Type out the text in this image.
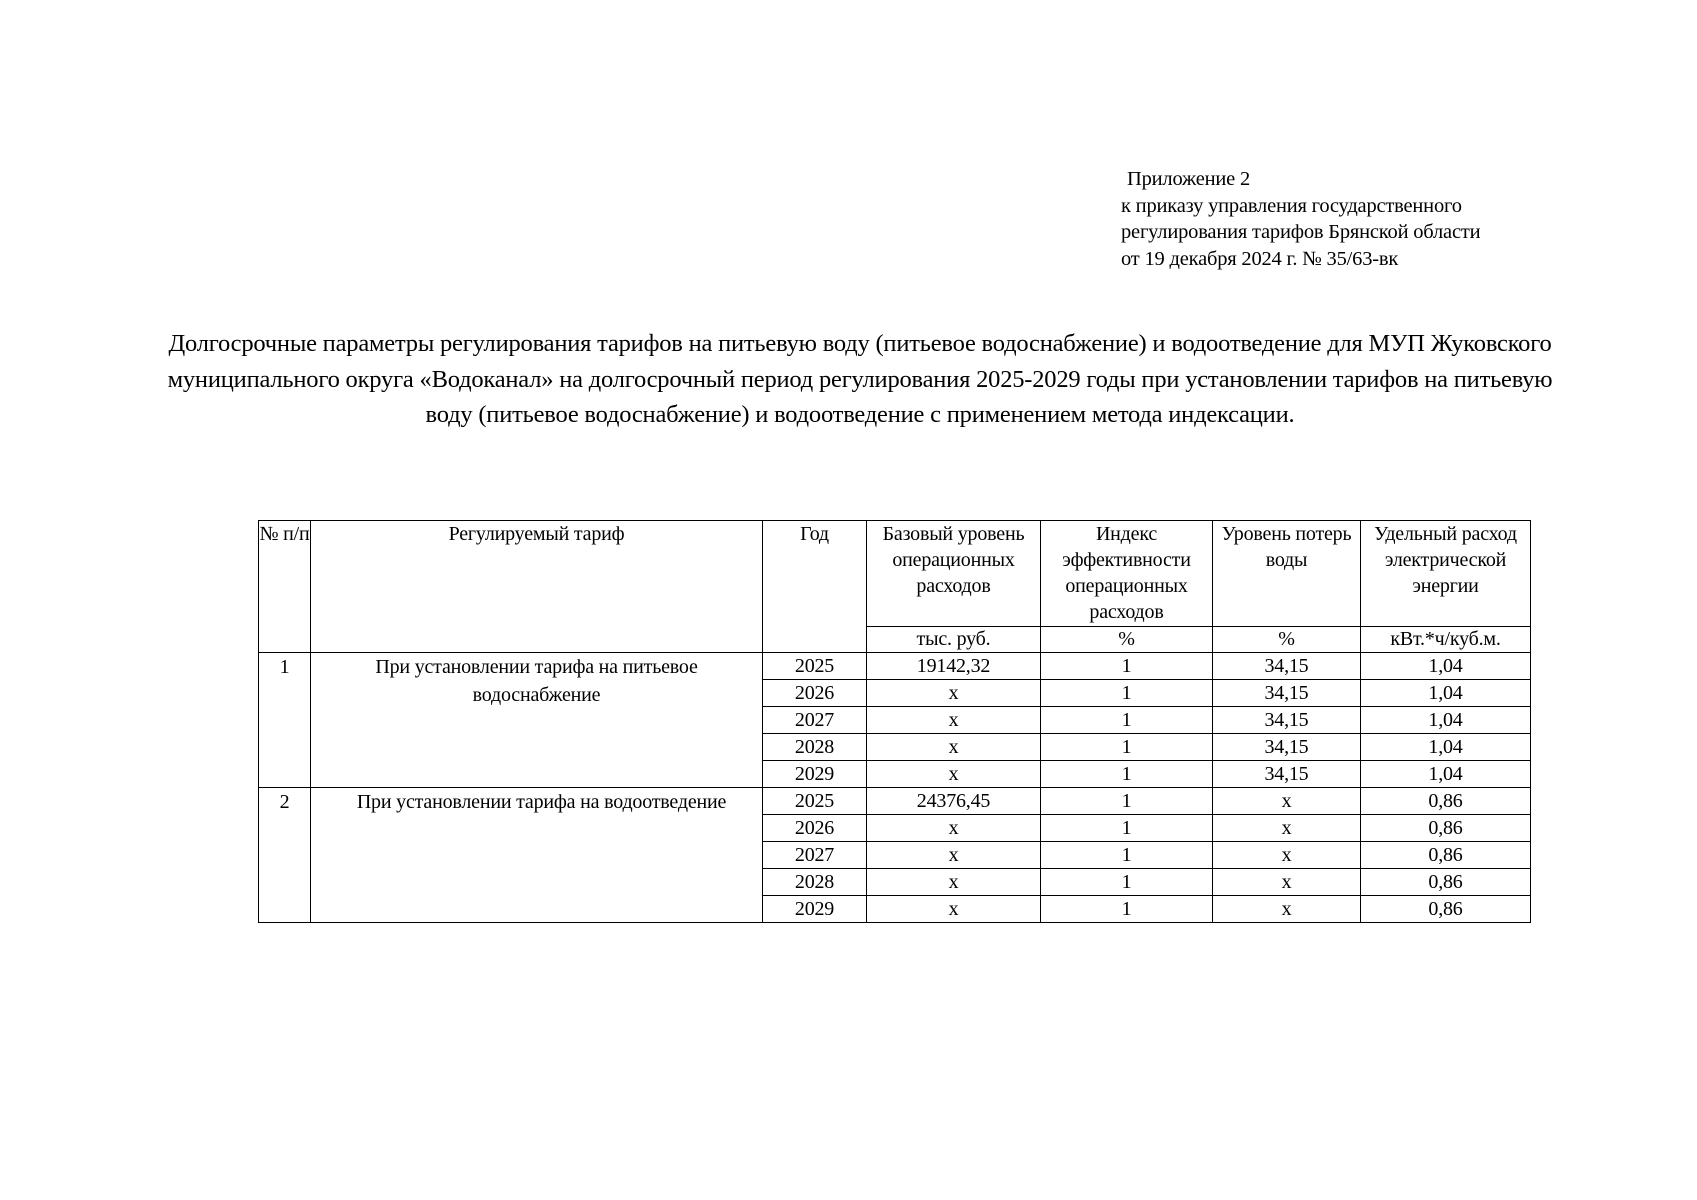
Приложение 2
к приказу управления государственного
регулирования тарифов Брянской области
от 19 декабря 2024 г. № 35/63-вк
Долгосрочные параметры регулирования тарифов на питьевую воду (питьевое водоснабжение) и водоотведение для МУП Жуковского муниципального округа «Водоканал» на долгосрочный период регулирования 2025-2029 годы при установлении тарифов на питьевую воду (питьевое водоснабжение) и водоотведение с применением метода индексации.
№ п/п	Регулируемый тариф	Год	Базовый уровень операционных расходов	Индекс эффективности операционных расходов	Уровень потерь воды	Удельный расход электрической энергии
			тыс. руб.	%	%	кВт.*ч/куб.м.
1	При установлении тарифа на питьевое водоснабжение	2025	19142,32	1	34,15	1,04
		2026	х	1	34,15	1,04
		2027	х	1	34,15	1,04
		2028	х	1	34,15	1,04
		2029	х	1	34,15	1,04
2	При установлении тарифа на водоотведение	2025	24376,45	1	х	0,86
		2026	х	1	х	0,86
		2027	х	1	х	0,86
		2028	х	1	х	0,86
		2029	х	1	х	0,86
